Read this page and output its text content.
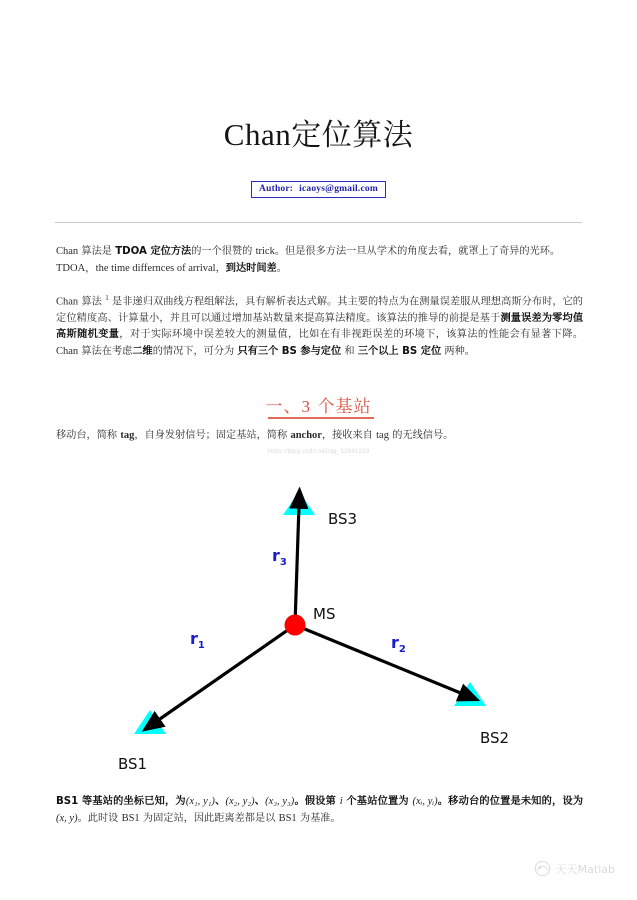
Chan定位算法
Author: icaoys@gmail.com
Chan 算法是 TDOA 定位方法的一个很赞的 trick。但是很多方法一旦从学术的角度去看，就罩上了奇异的光环。
TDOA，the time differnces of arrival，到达时间差。
Chan 算法 $^1$ 是非递归双曲线方程组解法，具有解析表达式解。其主要的特点为在测量误差服从理想高斯分布时，它的定位精度高、计算量小，并且可以通过增加基站数量来提高算法精度。该算法的推导的前提是基于测量误差为零均值高斯随机变量，对于实际环境中误差较大的测量值，比如在有非视距误差的环境下，该算法的性能会有显著下降。Chan 算法在考虑二维的情况下，可分为 只有三个 BS 参与定位 和 三个以上 BS 定位 两种。
一、3 个基站
移动台，简称 tag，自身发射信号；固定基站，简称 anchor，接收来自 tag 的无线信号。
https://blog.csdn.net/qq_32941220
BS3
MS
BS1
BS2
$r_3$
$r_1$	$r_2$
BS1 等基站的坐标已知，为(x₁, y₁)、(x₂, y₂)、(x₃, y₃)。假设第 i 个基站位置为 (xᵢ, yᵢ)。移动台的位置是未知的，设为 (x, y)。此时设 BS1 为固定站，因此距离差都是以 BS1 为基准。
天天Matlab
